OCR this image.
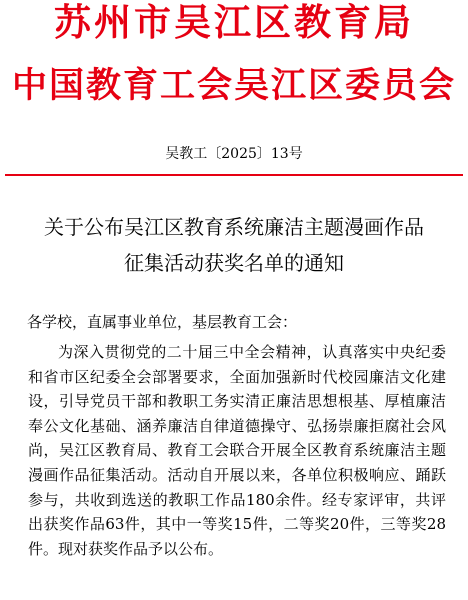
苏州市吴江区教育局
中国教育工会吴江区委员会
吴教工〔2025〕13号
关于公布吴江区教育系统廉洁主题漫画作品
征集活动获奖名单的通知
各学校，直属事业单位，基层教育工会：

为深入贯彻党的二十届三中全会精神，认真落实中央纪委和省市区纪委全会部署要求，全面加强新时代校园廉洁文化建设，引导党员干部和教职工务实清正廉洁思想根基、厚植廉洁奉公文化基础、涵养廉洁自律道德操守、弘扬崇廉拒腐社会风尚，吴江区教育局、教育工会联合开展全区教育系统廉洁主题漫画作品征集活动。活动自开展以来，各单位积极响应、踊跃参与，共收到选送的教职工作品180余件。经专家评审，共评出获奖作品63件，其中一等奖15件，二等奖20件，三等奖28件。现对获奖作品予以公布。
